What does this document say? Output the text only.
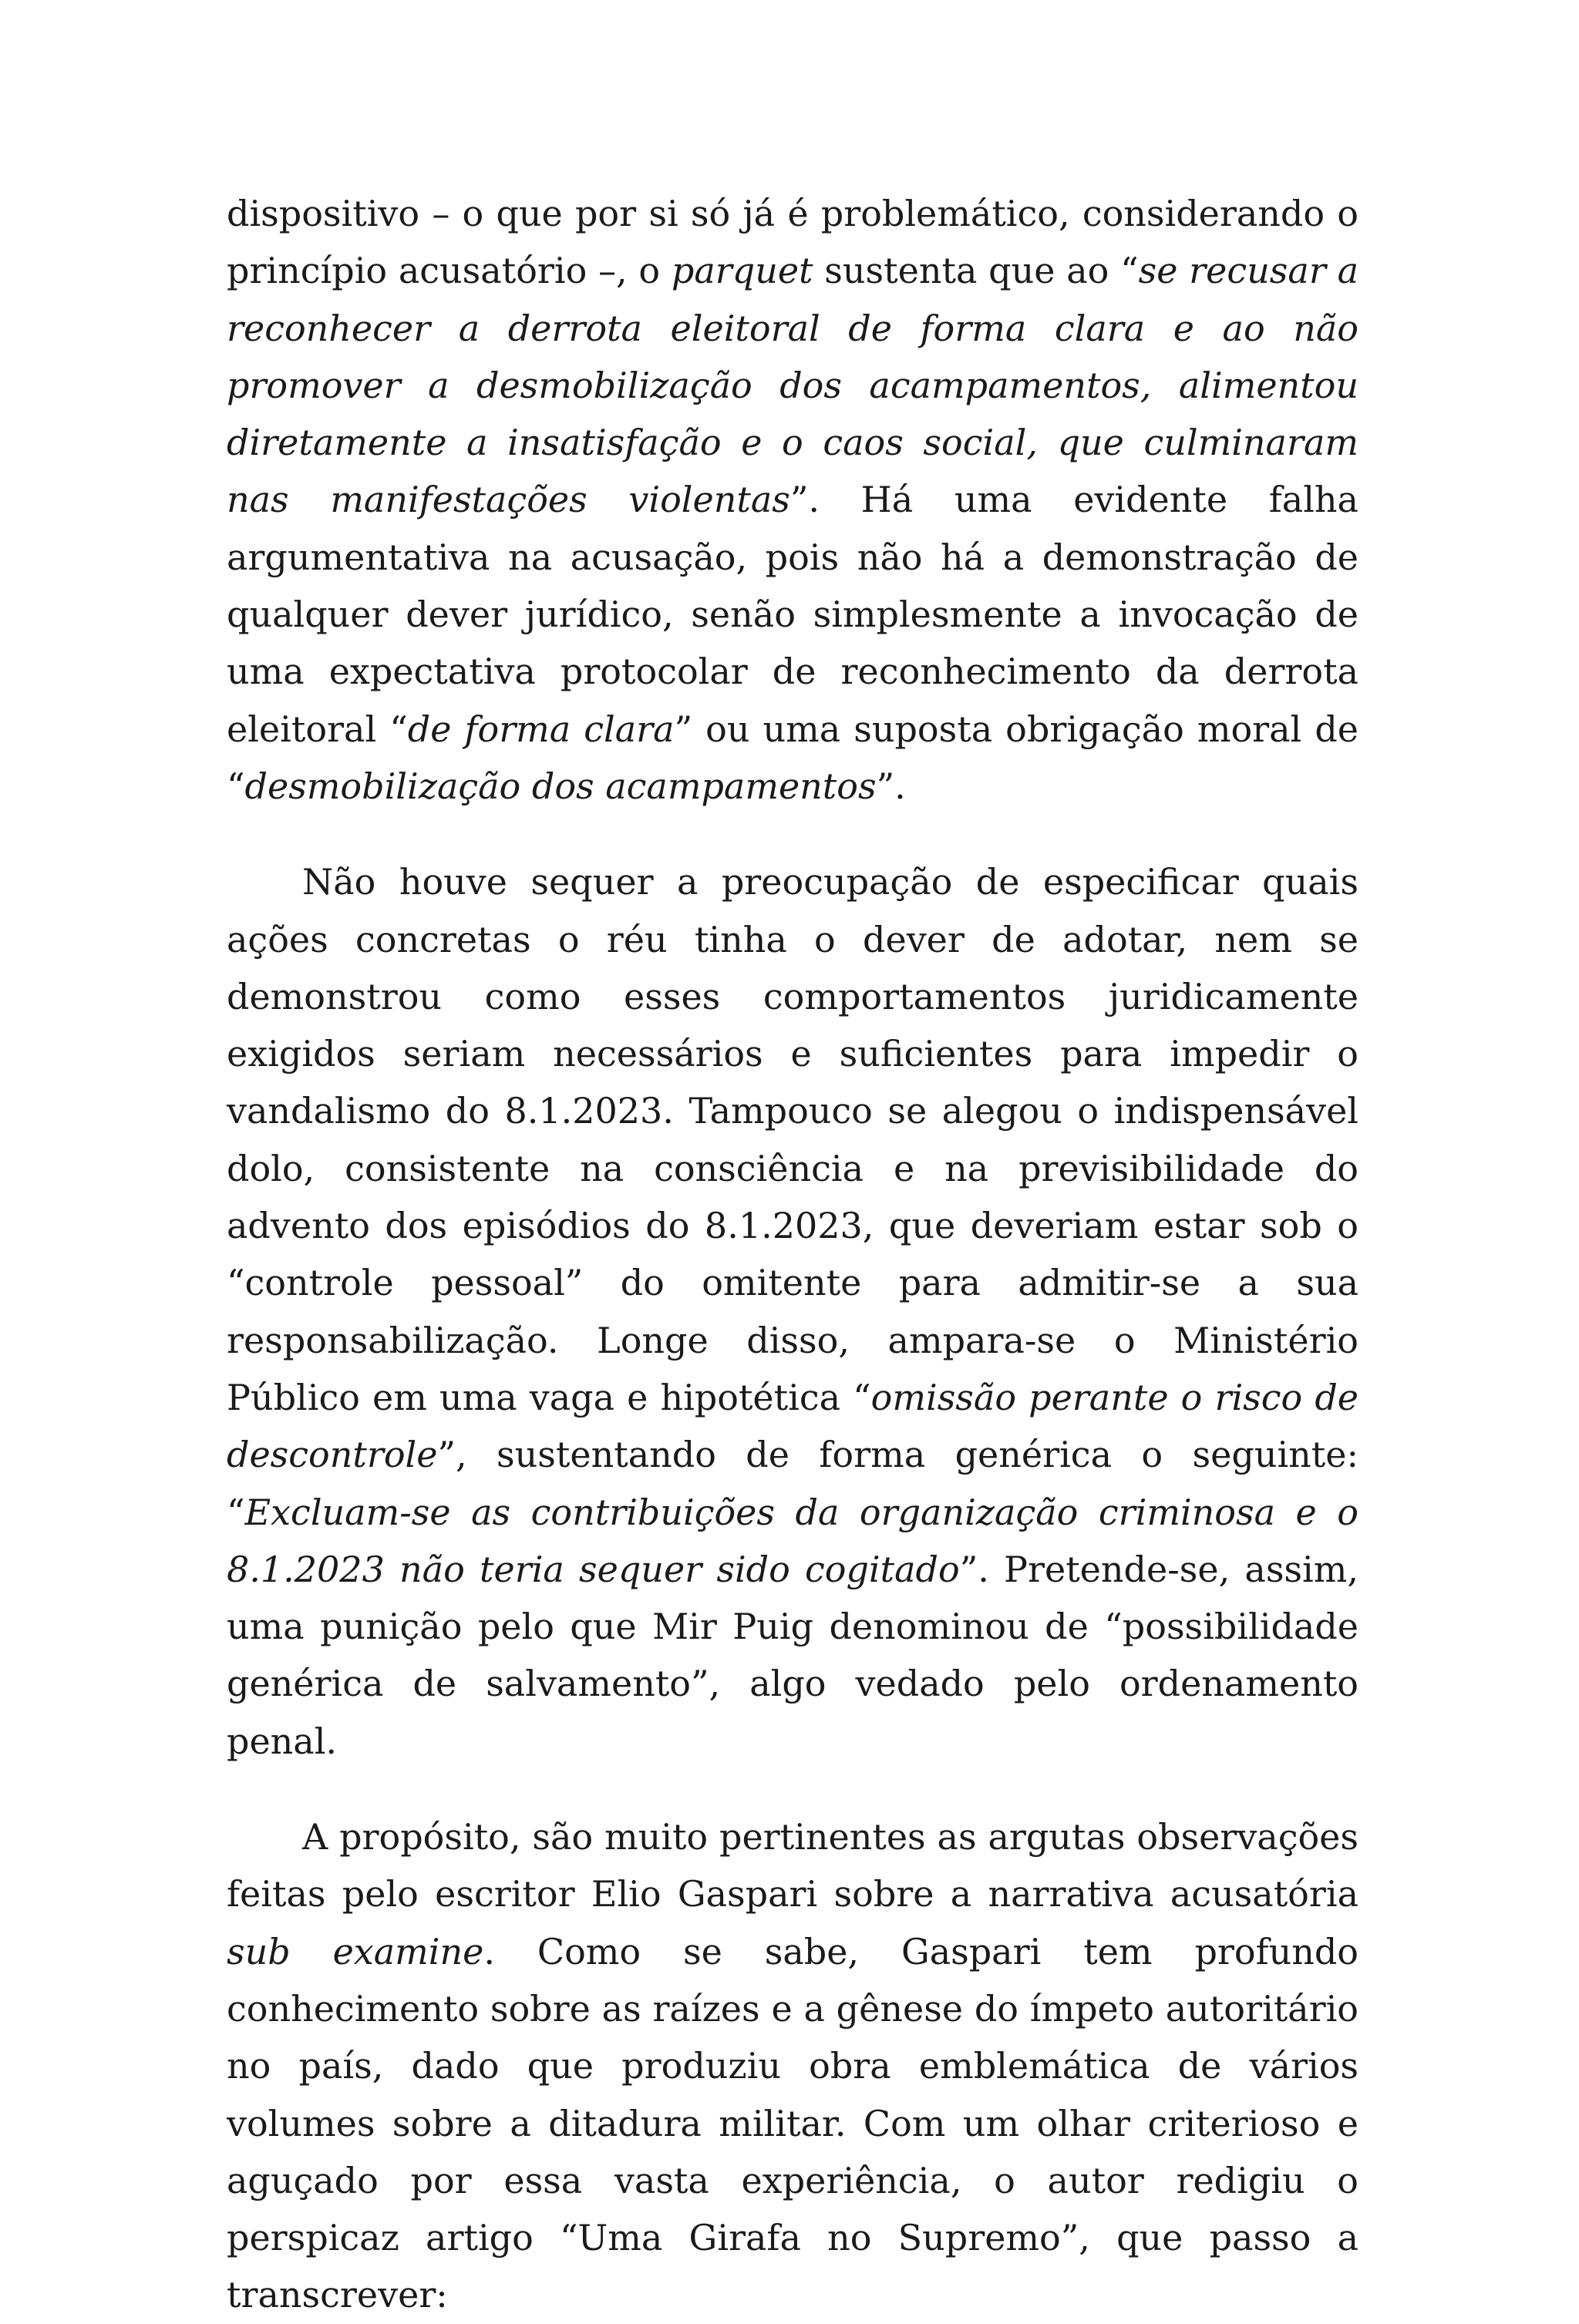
dispositivo – o que por si só já é problemático, considerando o princípio acusatório –, o parquet sustenta que ao “se recusar a reconhecer a derrota eleitoral de forma clara e ao não promover a desmobilização dos acampamentos, alimentou diretamente a insatisfação e o caos social, que culminaram nas manifestações violentas”. Há uma evidente falha argumentativa na acusação, pois não há a demonstração de qualquer dever jurídico, senão simplesmente a invocação de uma expectativa protocolar de reconhecimento da derrota eleitoral “de forma clara” ou uma suposta obrigação moral de “desmobilização dos acampamentos”.

Não houve sequer a preocupação de especificar quais ações concretas o réu tinha o dever de adotar, nem se demonstrou como esses comportamentos juridicamente exigidos seriam necessários e suficientes para impedir o vandalismo do 8.1.2023. Tampouco se alegou o indispensável dolo, consistente na consciência e na previsibilidade do advento dos episódios do 8.1.2023, que deveriam estar sob o “controle pessoal” do omitente para admitir-se a sua responsabilização. Longe disso, ampara-se o Ministério Público em uma vaga e hipotética “omissão perante o risco de descontrole”, sustentando de forma genérica o seguinte: “Excluam-se as contribuições da organização criminosa e o 8.1.2023 não teria sequer sido cogitado”. Pretende-se, assim, uma punição pelo que Mir Puig denominou de “possibilidade genérica de salvamento”, algo vedado pelo ordenamento penal.

A propósito, são muito pertinentes as argutas observações feitas pelo escritor Elio Gaspari sobre a narrativa acusatória sub examine. Como se sabe, Gaspari tem profundo conhecimento sobre as raízes e a gênese do ímpeto autoritário no país, dado que produziu obra emblemática de vários volumes sobre a ditadura militar. Com um olhar criterioso e aguçado por essa vasta experiência, o autor redigiu o perspicaz artigo “Uma Girafa no Supremo”, que passo a transcrever:
